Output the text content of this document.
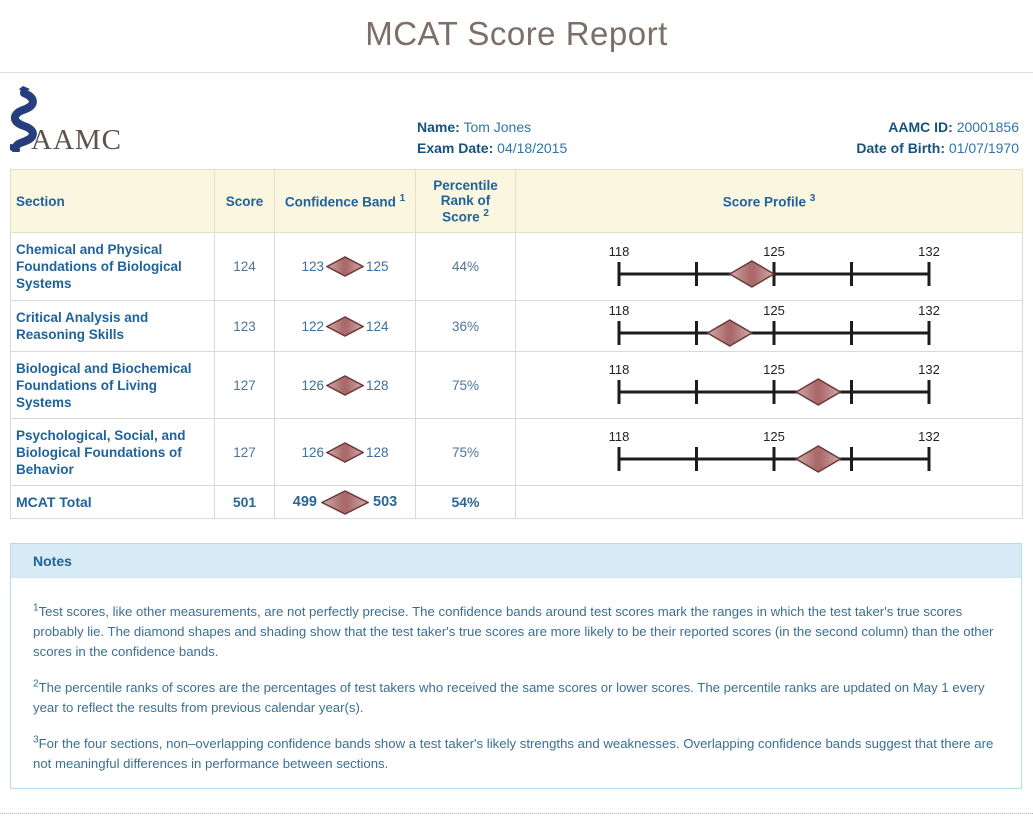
MCAT Score Report
AAMC	Name: Tom Jones
Exam Date: 04/18/2015
AAMC ID: 20001856
Date of Birth: 01/07/1970
Section	Score	Confidence Band $^1$	Percentile Rank of Score $^2$	Score Profile $^3$
Chemical and Physical Foundations of Biological Systems	124	123 125	44%	118 125 132

Critical Analysis and Reasoning Skills	123	122 124	36%	118 125 132

Biological and Biochemical Foundations of Living Systems	127	126 128	75%	118 125 132

Psychological, Social, and Biological Foundations of Behavior	127	126 128	75%	118 125 132

MCAT Total	501	499 503	54%	
Notes

$^1$Test scores, like other measurements, are not perfectly precise. The confidence bands around test scores mark the ranges in which the test taker's true scores probably lie. The diamond shapes and shading show that the test taker's true scores are more likely to be their reported scores (in the second column) than the other scores in the confidence bands.

$^2$The percentile ranks of scores are the percentages of test takers who received the same scores or lower scores. The percentile ranks are updated on May 1 every year to reflect the results from previous calendar year(s).

$^3$For the four sections, non–overlapping confidence bands show a test taker's likely strengths and weaknesses. Overlapping confidence bands suggest that there are not meaningful differences in performance between sections.
